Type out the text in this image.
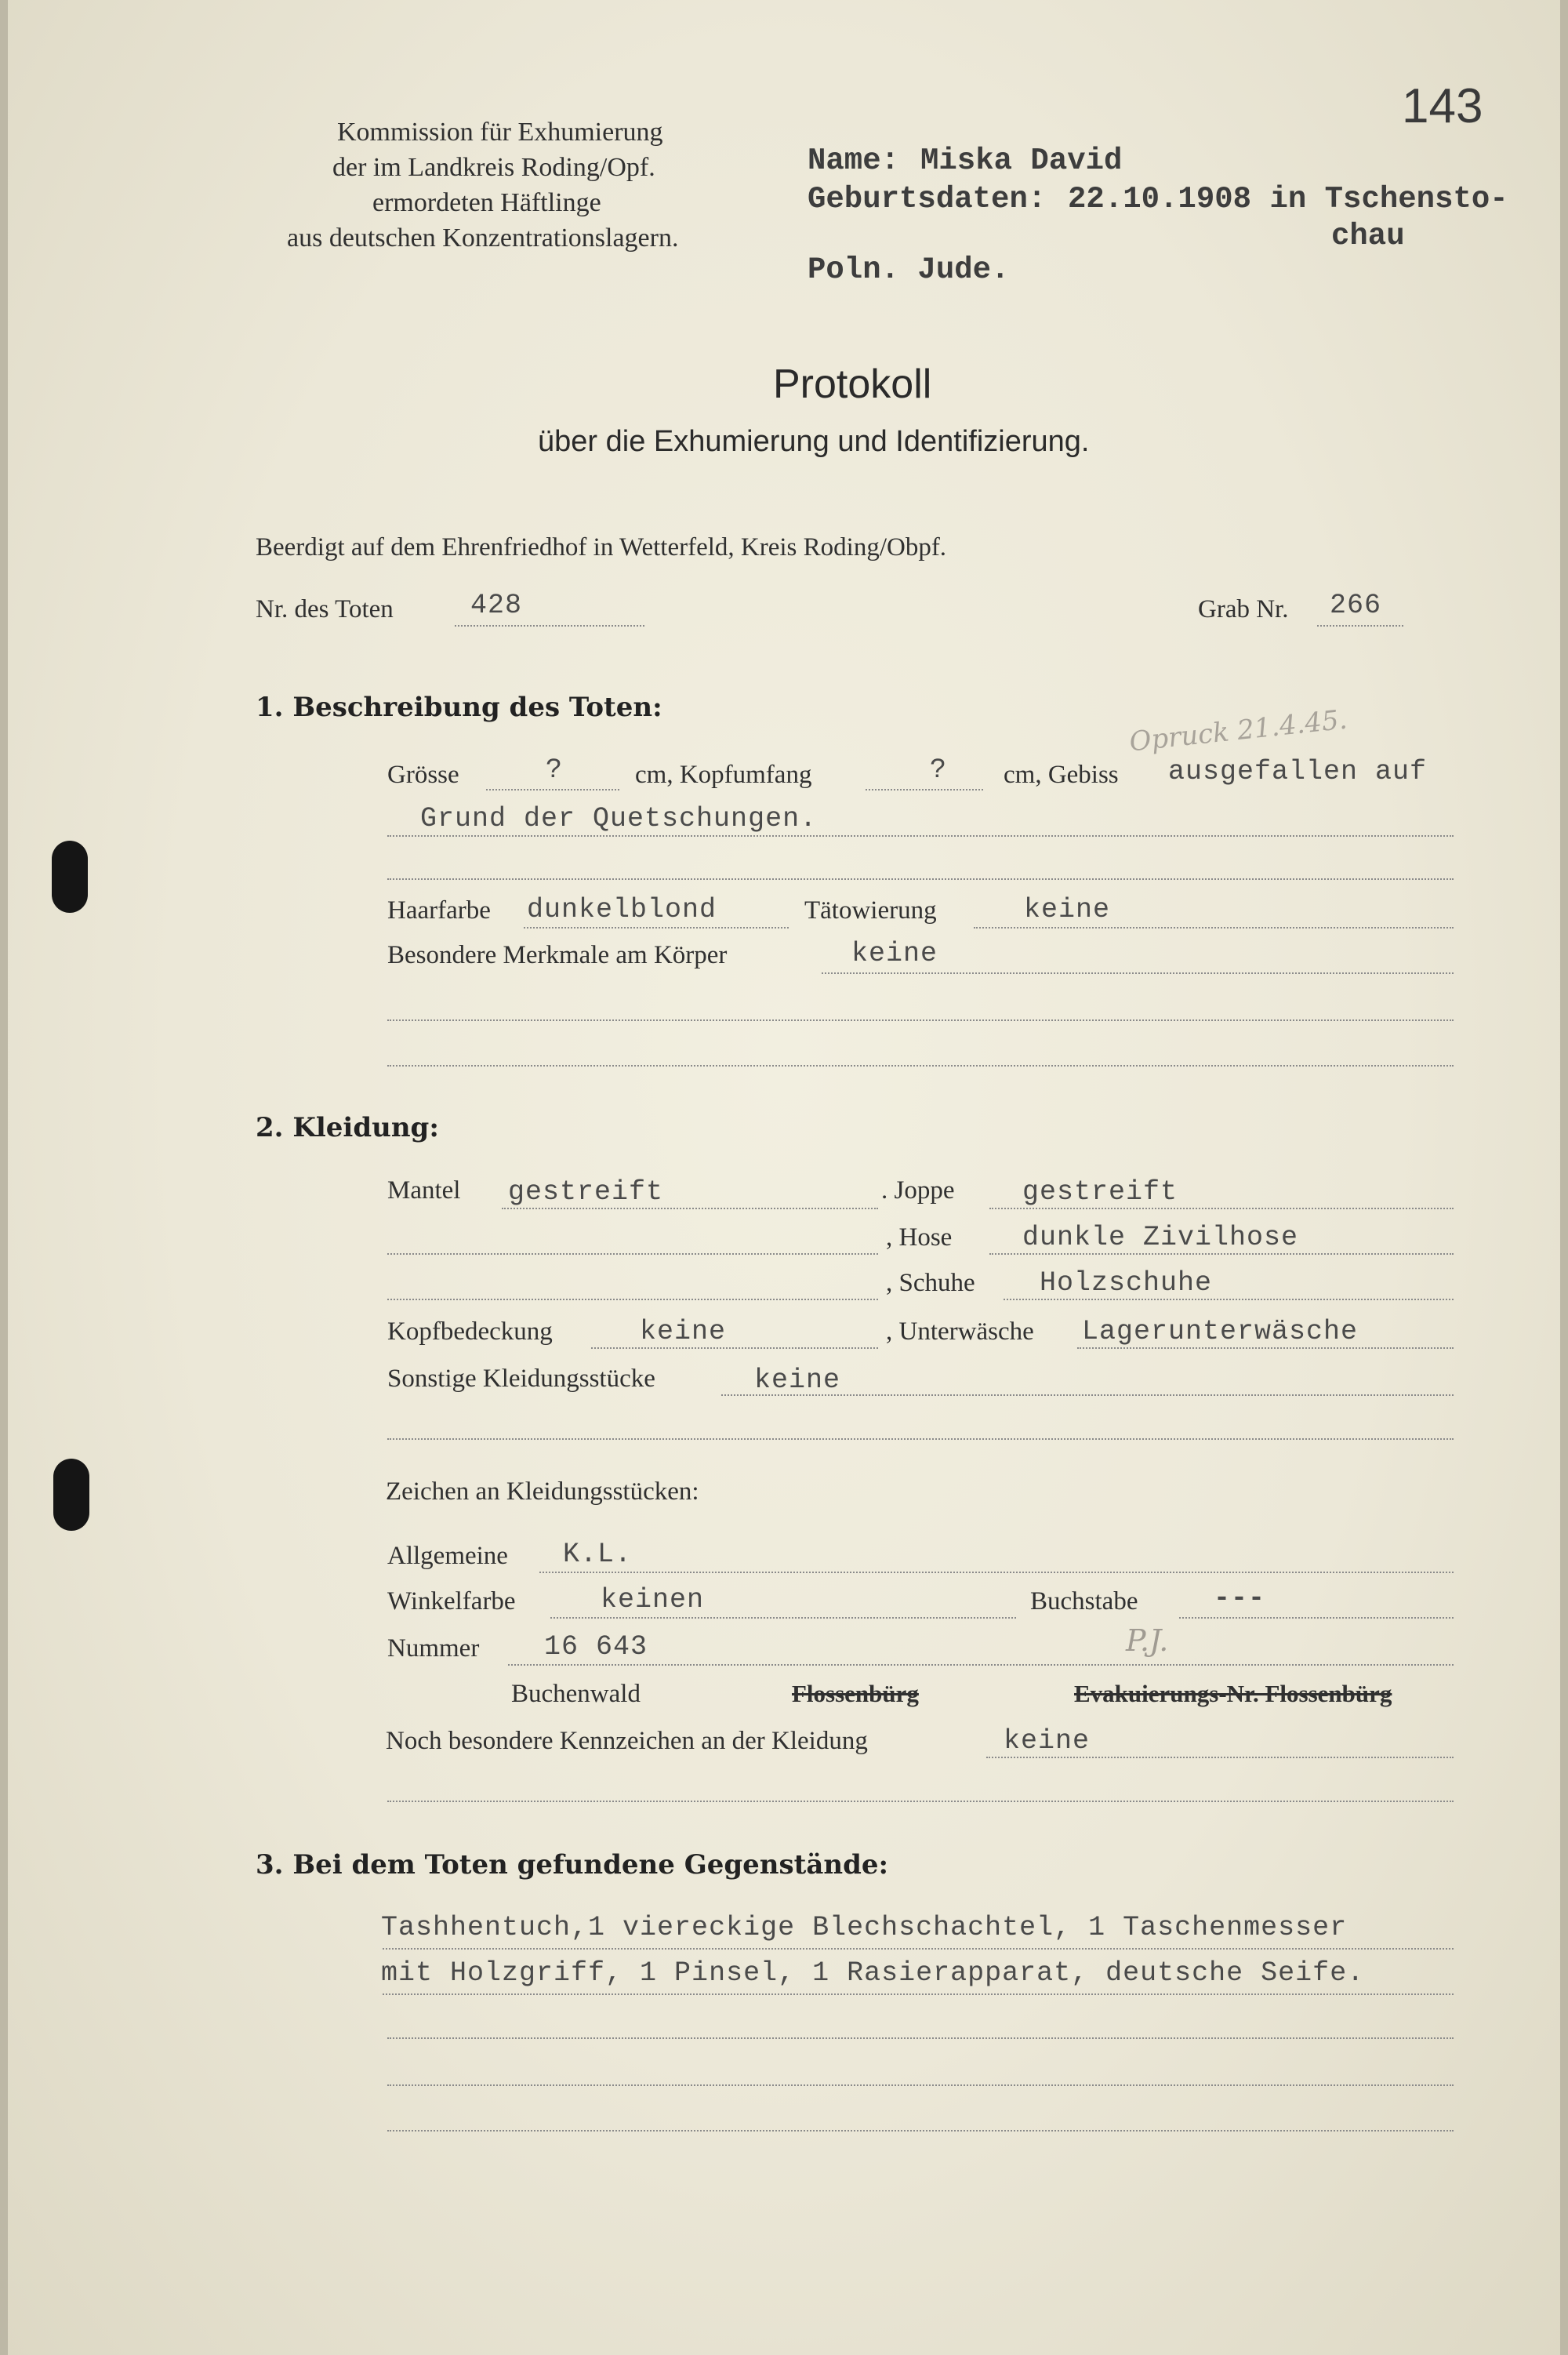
143
Kommission für Exhumierung
der im Landkreis Roding/Opf.
ermordeten Häftlinge
aus deutschen Konzentrationslagern.
Name: Miska David
Geburtsdaten: 22.10.1908 in Tschensto-
chau
Poln. Jude.
Protokoll
über die Exhumierung und Identifizierung.
Beerdigt auf dem Ehrenfriedhof in Wetterfeld, Kreis Roding/Obpf.
Nr. des Toten	428	Grab Nr. 266
1. Beschreibung des Toten:	Opruck 21.4.45.
Grösse	?	cm, Kopfumfang	? cm, Gebiss ausgefallen auf
Grund der Quetschungen.
Haarfarbe dunkelblond	Tätowierung	keine
Besondere Merkmale am Körper	keine
2. Kleidung:
Mantel gestreift	. Joppe gestreift
, Hose	dunkle Zivilhose
, Schuhe Holzschuhe
Kopfbedeckung	keine	, Unterwäsche Lagerunterwäsche
Sonstige Kleidungsstücke	keine
Zeichen an Kleidungsstücken:
Allgemeine K.L.
Winkelfarbe	keinen	Buchstabe	---
Nummer 16 643	P.J.
Buchenwald	Flossenbürg	Evakuierungs-Nr. Flossenbürg
Noch besondere Kennzeichen an der Kleidung	keine
3. Bei dem Toten gefundene Gegenstände:
Tashhentuch,1 viereckige Blechschachtel, 1 Taschenmesser
mit Holzgriff, 1 Pinsel, 1 Rasierapparat, deutsche Seife.
